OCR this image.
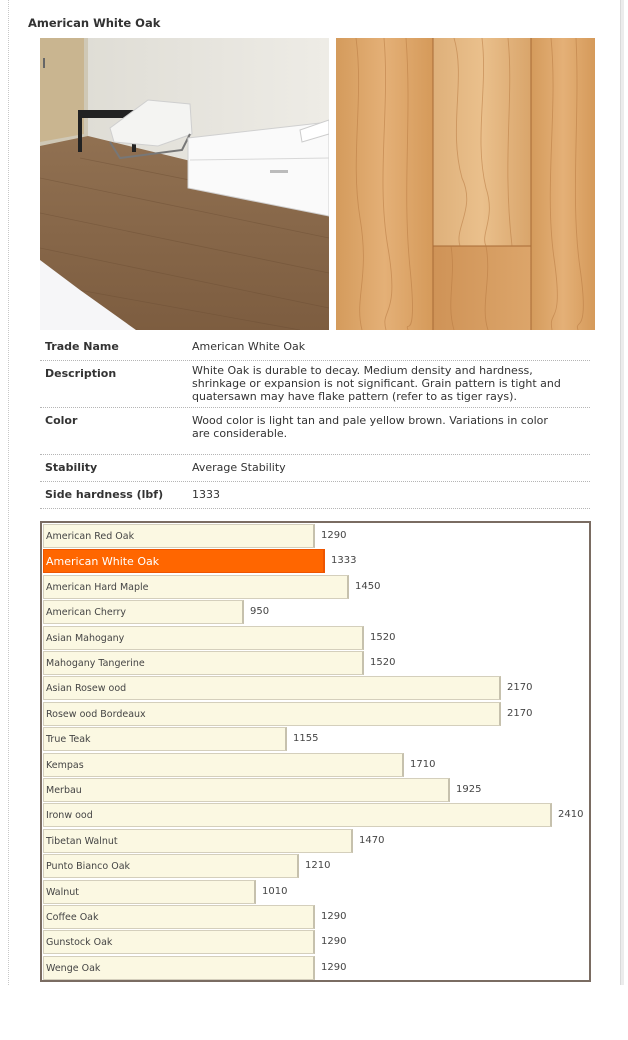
American White Oak
Trade Name	American White Oak
Description	White Oak is durable to decay. Medium density and hardness, shrinkage or expansion is not significant. Grain pattern is tight and quatersawn may have flake pattern (refer to as tiger rays).
Color	Wood color is light tan and pale yellow brown. Variations in color are considerable.
Stability	Average Stability
Side hardness (lbf)	1333
American Red Oak	1290
American White Oak	1333
American Hard Maple	1450
American Cherry	950
Asian Mahogany	1520
Mahogany Tangerine	1520
Asian Rosew ood	2170
Rosew ood Bordeaux	2170
True Teak	1155
Kempas	1710
Merbau	1925
Ironw ood	2410
Tibetan Walnut	1470
Punto Bianco Oak	1210
Walnut	1010
Coffee Oak	1290
Gunstock Oak	1290
Wenge Oak	1290
